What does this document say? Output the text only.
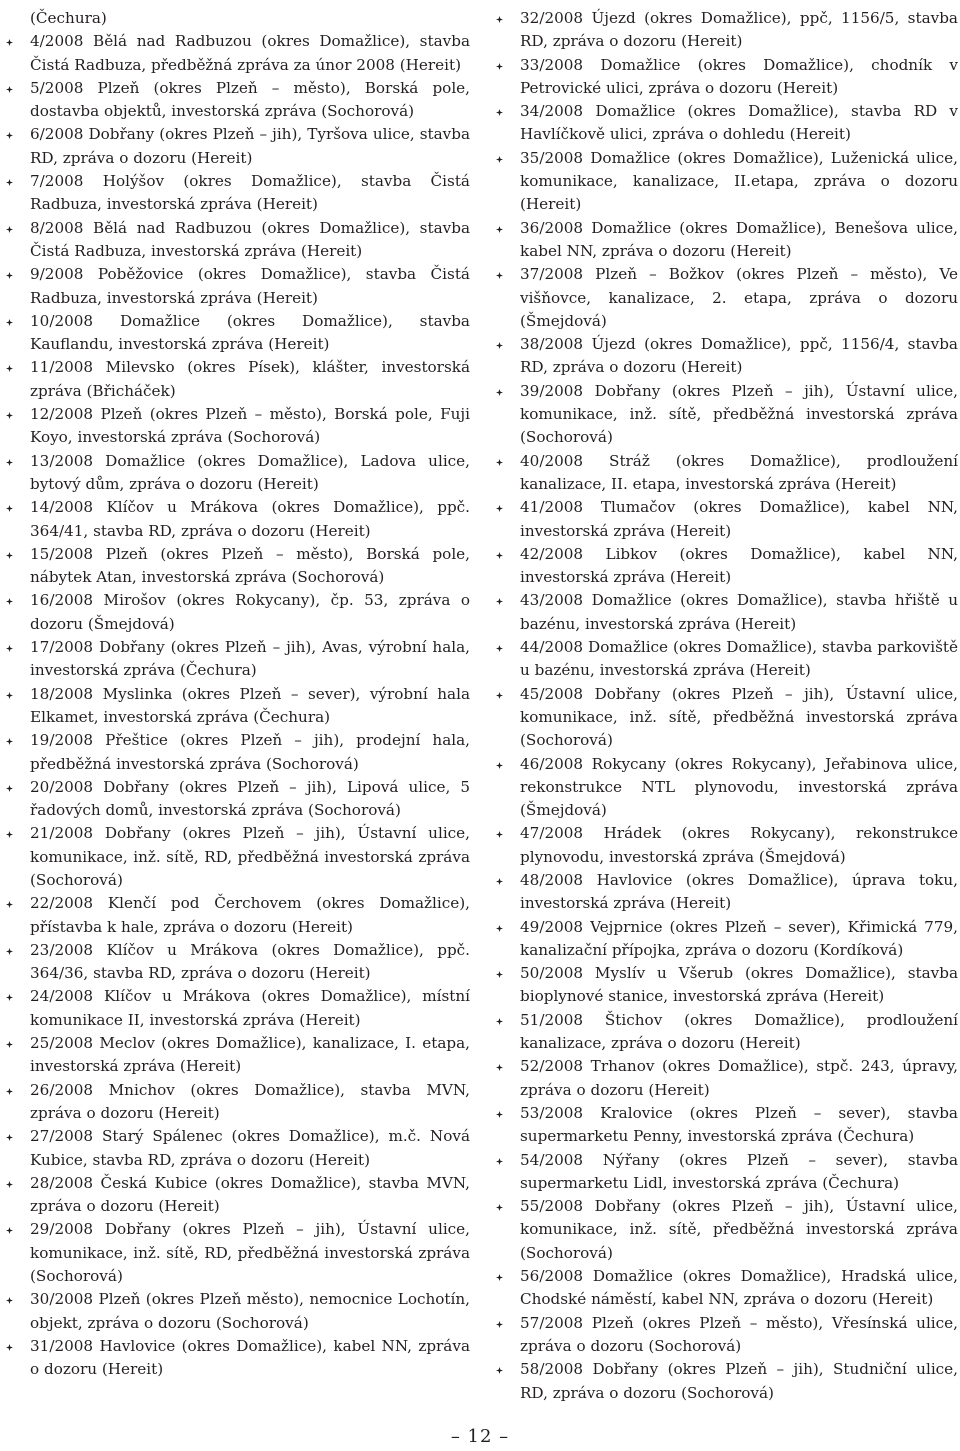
(Čechura)
4/2008 Bělá nad Radbuzou (okres Domažlice), stavba Čistá Radbuza, předběžná zpráva za únor 2008 (Hereit)
5/2008 Plzeň (okres Plzeň – město), Borská pole, dostavba objektů, investorská zpráva (Sochorová)
6/2008 Dobřany (okres Plzeň – jih), Tyršova ulice, stavba RD, zpráva o dozoru (Hereit)
7/2008 Holýšov (okres Domažlice), stavba Čistá Radbuza, investorská zpráva (Hereit)
8/2008 Bělá nad Radbuzou (okres Domažlice), stavba Čistá Radbuza, investorská zpráva (Hereit)
9/2008 Poběžovice (okres Domažlice), stavba Čistá Radbuza, investorská zpráva (Hereit)
10/2008 Domažlice (okres Domažlice), stavba Kauflandu, investorská zpráva (Hereit)
11/2008 Milevsko (okres Písek), klášter, investorská zpráva (Břicháček)
12/2008 Plzeň (okres Plzeň – město), Borská pole, Fuji Koyo, investorská zpráva (Sochorová)
13/2008 Domažlice (okres Domažlice), Ladova ulice, bytový dům, zpráva o dozoru (Hereit)
14/2008 Klíčov u Mrákova (okres Domažlice), ppč. 364/41, stavba RD, zpráva o dozoru (Hereit)
15/2008 Plzeň (okres Plzeň – město), Borská pole, nábytek Atan, investorská zpráva (Sochorová)
16/2008 Mirošov (okres Rokycany), čp. 53, zpráva o dozoru (Šmejdová)
17/2008 Dobřany (okres Plzeň – jih), Avas, výrobní hala, investorská zpráva (Čechura)
18/2008 Myslinka (okres Plzeň – sever), výrobní hala Elkamet, investorská zpráva (Čechura)
19/2008 Přeštice (okres Plzeň – jih), prodejní hala, předběžná investorská zpráva (Sochorová)
20/2008 Dobřany (okres Plzeň – jih), Lipová ulice, 5 řadových domů, investorská zpráva (Sochorová)
21/2008 Dobřany (okres Plzeň – jih), Ústavní ulice, komunikace, inž. sítě, RD, předběžná investorská zpráva (Sochorová)
22/2008 Klenčí pod Čerchovem (okres Domažlice), přístavba k hale, zpráva o dozoru (Hereit)
23/2008 Klíčov u Mrákova (okres Domažlice), ppč. 364/36, stavba RD, zpráva o dozoru (Hereit)
24/2008 Klíčov u Mrákova (okres Domažlice), místní komunikace II, investorská zpráva (Hereit)
25/2008 Meclov (okres Domažlice), kanalizace, I. etapa, investorská zpráva (Hereit)
26/2008 Mnichov (okres Domažlice), stavba MVN, zpráva o dozoru (Hereit)
27/2008 Starý Spálenec (okres Domažlice), m.č. Nová Kubice, stavba RD, zpráva o dozoru (Hereit)
28/2008 Česká Kubice (okres Domažlice), stavba MVN, zpráva o dozoru (Hereit)
29/2008 Dobřany (okres Plzeň – jih), Ústavní ulice, komunikace, inž. sítě, RD, předběžná investorská zpráva (Sochorová)
30/2008 Plzeň (okres Plzeň město), nemocnice Lochotín, objekt, zpráva o dozoru (Sochorová)
31/2008 Havlovice (okres Domažlice), kabel NN, zpráva o dozoru (Hereit)
32/2008 Újezd (okres Domažlice), ppč, 1156/5, stavba RD, zpráva o dozoru (Hereit)
33/2008 Domažlice (okres Domažlice), chodník v Petrovické ulici, zpráva o dozoru (Hereit)
34/2008 Domažlice (okres Domažlice), stavba RD v Havlíčkově ulici, zpráva o dohledu (Hereit)
35/2008 Domažlice (okres Domažlice), Luženická ulice, komunikace, kanalizace, II.etapa, zpráva o dozoru (Hereit)
36/2008 Domažlice (okres Domažlice), Benešova ulice, kabel NN, zpráva o dozoru (Hereit)
37/2008 Plzeň – Božkov (okres Plzeň – město), Ve višňovce, kanalizace, 2. etapa, zpráva o dozoru (Šmejdová)
38/2008 Újezd (okres Domažlice), ppč, 1156/4, stavba RD, zpráva o dozoru (Hereit)
39/2008 Dobřany (okres Plzeň – jih), Ústavní ulice, komunikace, inž. sítě, předběžná investorská zpráva (Sochorová)
40/2008 Stráž (okres Domažlice), prodloužení kanalizace, II. etapa, investorská zpráva (Hereit)
41/2008 Tlumačov (okres Domažlice), kabel NN, investorská zpráva (Hereit)
42/2008 Libkov (okres Domažlice), kabel NN, investorská zpráva (Hereit)
43/2008 Domažlice (okres Domažlice), stavba hřiště u bazénu, investorská zpráva (Hereit)
44/2008 Domažlice (okres Domažlice), stavba parkoviště u bazénu, investorská zpráva (Hereit)
45/2008 Dobřany (okres Plzeň – jih), Ústavní ulice, komunikace, inž. sítě, předběžná investorská zpráva (Sochorová)
46/2008 Rokycany (okres Rokycany), Jeřabinova ulice, rekonstrukce NTL plynovodu, investorská zpráva (Šmejdová)
47/2008 Hrádek (okres Rokycany), rekonstrukce plynovodu, investorská zpráva (Šmejdová)
48/2008 Havlovice (okres Domažlice), úprava toku, investorská zpráva (Hereit)
49/2008 Vejprnice (okres Plzeň – sever), Křimická 779, kanalizační přípojka, zpráva o dozoru (Kordíková)
50/2008 Myslív u Všerub (okres Domažlice), stavba bioplynové stanice, investorská zpráva (Hereit)
51/2008 Štichov (okres Domažlice), prodloužení kanalizace, zpráva o dozoru (Hereit)
52/2008 Trhanov (okres Domažlice), stpč. 243, úpravy, zpráva o dozoru (Hereit)
53/2008 Kralovice (okres Plzeň – sever), stavba supermarketu Penny, investorská zpráva (Čechura)
54/2008 Nýřany (okres Plzeň – sever), stavba supermarketu Lidl, investorská zpráva (Čechura)
55/2008 Dobřany (okres Plzeň – jih), Ústavní ulice, komunikace, inž. sítě, předběžná investorská zpráva (Sochorová)
56/2008 Domažlice (okres Domažlice), Hradská ulice, Chodské náměstí, kabel NN, zpráva o dozoru (Hereit)
57/2008 Plzeň (okres Plzeň – město), Vřesínská ulice, zpráva o dozoru (Sochorová)
58/2008 Dobřany (okres Plzeň – jih), Studniční ulice, RD, zpráva o dozoru (Sochorová)
– 12 –
